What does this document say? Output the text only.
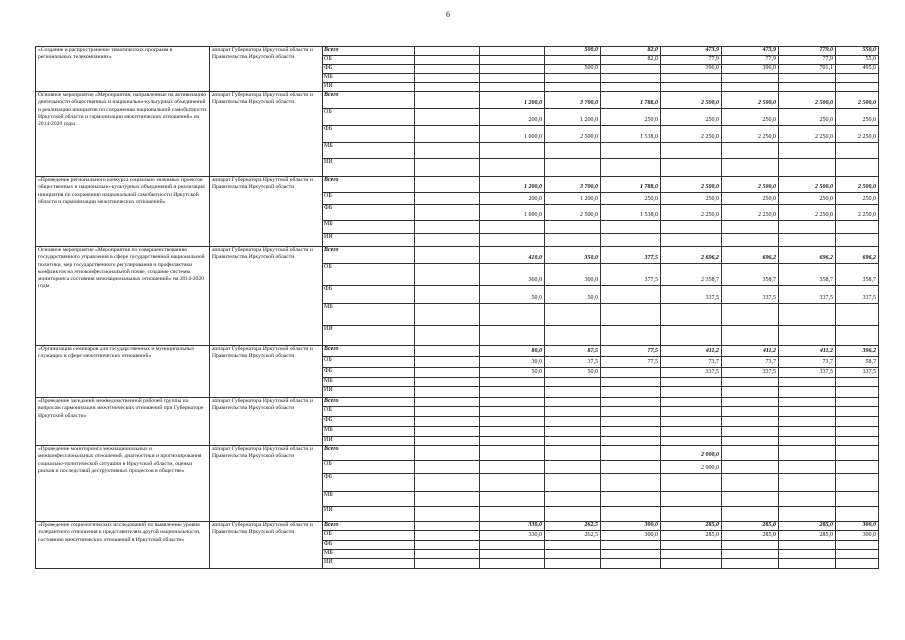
6
«Создание и распространение тематических программ в региональных телекомпаниях»	аппарат Губернатора Иркутской области и Правительства Иркутской области	Всего			500,0	82,0	473,9	473,9	779,0	550,0
		ОБ				82,0	77,9	77,9	77,9	55,0
		ФБ			500,0		396,0	396,0	701,1	495,0
		МБ								
		ИИ								
Основное мероприятие «Мероприятия, направленные на активизацию деятельности общественных и национально-культурных объединений и реализацию инициатив по сохранению национальной самобытности Иркутской области и гармонизации межэтнических отношений» на 2014-2020 годы	аппарат Губернатора Иркутской области и Правительства Иркутской области	Всего		1 200,0	3 700,0	1 788,0	2 500,0	2 500,0	2 500,0	2 500,0
		ОБ		200,0	1 200,0	250,0	250,0	250,0	250,0	250,0
		ФБ		1 000,0	2 500,0	1 538,0	2 250,0	2 250,0	2 250,0	2 250,0
		МБ								
		ИИ								
«Проведение регионального конкурса социально значимых проектов общественных и национально-культурных объединений и реализация инициатив по сохранению национальной самобытности Иркутской области и гармонизации межэтнических отношений»	аппарат Губернатора Иркутской области и Правительства Иркутской области	Всего		1 200,0	3 700,0	1 788,0	2 500,0	2 500,0	2 500,0	2 500,0
		ОБ		200,0	1 200,0	250,0	250,0	250,0	250,0	250,0
		ФБ		1 000,0	2 500,0	1 538,0	2 250,0	2 250,0	2 250,0	2 250,0
		МБ								
		ИИ								
Основное мероприятие «Мероприятия по совершенствованию государственного управления в сфере государственной национальной политики, мер государственного регулирования и профилактики конфликтов на этноконфессиональной почве, создание системы мониторинга состояния межнациональных отношений» на 2014-2020 годы	аппарат Губернатора Иркутской области и Правительства Иркутской области	Всего		410,0	350,0	377,5	2 696,2	696,2	696,2	696,2
		ОБ		360,0	300,0	377,5	2 358,7	358,7	358,7	358,7
		ФБ		50,0	50,0		337,5	337,5	337,5	337,5
		МБ								
		ИИ								
«Организация семинаров для государственных и муниципальных служащих в сфере межэтнических отношений»	аппарат Губернатора Иркутской области и Правительства Иркутской области	Всего		80,0	87,5	77,5	411,2	411,2	411,2	396,2
		ОБ		30,0	37,5	77,5	73,7	73,7	73,7	58,7
		ФБ		50,0	50,0		337,5	337,5	337,5	337,5
		МБ								
		ИИ								
«Проведение заседаний межведомственной рабочей группы по вопросам гармонизации межэтнических отношений при Губернаторе Иркутской области»	аппарат Губернатора Иркутской области и Правительства Иркутской области	Всего								
		ОБ								
		ФБ								
		МБ								
		ИИ								
«Проведение мониторинга межнациональных и межконфессиональных отношений, диагностики и прогнозирования социально-политической ситуации в Иркутской области, оценки рисков и последствий деструктивных процессов в обществе»	аппарат Губернатора Иркутской области и Правительства Иркутской области	Всего					2 000,0			
		ОБ					2 000,0			
		ФБ								
		МБ								
		ИИ								
«Проведение социологических исследований по выявлению уровня толерантного отношения к представителям другой национальности, состоянию межэтнических отношений в Иркутской области»	аппарат Губернатора Иркутской области и Правительства Иркутской области	Всего		330,0	262,5	300,0	285,0	285,0	285,0	300,0
		ОБ		330,0	262,5	300,0	285,0	285,0	285,0	300,0
		ФБ								
		МБ								
		ИИ								
